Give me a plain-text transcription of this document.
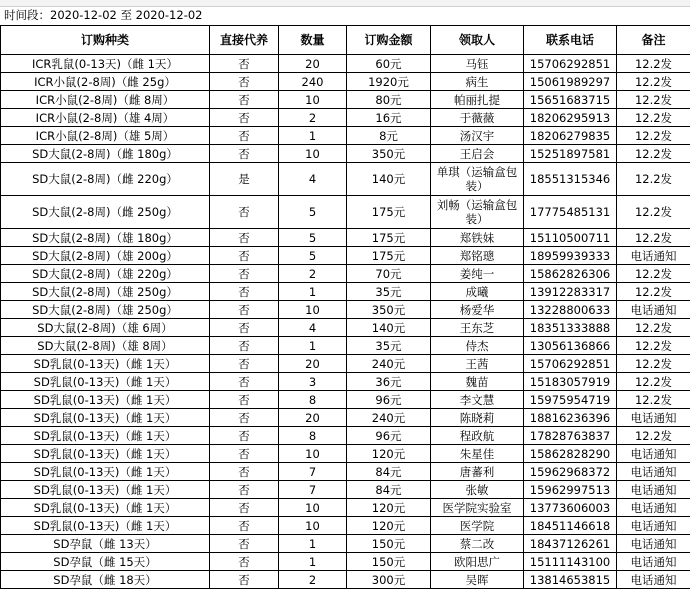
时间段：2020-12-02 至 2020-12-02
订购种类	直接代养	数量	订购金额	领取人	联系电话	备注
ICR乳鼠(0-13天)（雌 1天）	否	20	60元	马钰	15706292851	12.2发
ICR小鼠(2-8周)（雌 25g）	否	240	1920元	病生	15061989297	12.2发
ICR小鼠(2-8周)（雌 8周）	否	10	80元	帕丽扎提	15651683715	12.2发
ICR小鼠(2-8周)（雄 4周）	否	2	16元	于薇薇	18206295913	12.2发
ICR小鼠(2-8周)（雄 5周）	否	1	8元	汤汉宇	18206279835	12.2发
SD大鼠(2-8周)（雌 180g）	否	10	350元	王启会	15251897581	12.2发
SD大鼠(2-8周)（雌 220g）	是	4	140元	单琪（运输盒包装）	18551315346	12.2发
SD大鼠(2-8周)（雌 250g）	否	5	175元	刘畅（运输盒包装）	17775485131	12.2发
SD大鼠(2-8周)（雄 180g）	否	5	175元	郑铁妹	15110500711	12.2发
SD大鼠(2-8周)（雄 200g）	否	5	175元	郑铭璁	18959939333	电话通知
SD大鼠(2-8周)（雄 220g）	否	2	70元	姜纯一	15862826306	12.2发
SD大鼠(2-8周)（雄 250g）	否	1	35元	成曦	13912283317	12.2发
SD大鼠(2-8周)（雄 250g）	否	10	350元	杨爱华	13228800633	电话通知
SD大鼠(2-8周)（雄 6周）	否	4	140元	王东芝	18351333888	12.2发
SD大鼠(2-8周)（雄 8周）	否	1	35元	侍杰	13056136866	12.2发
SD乳鼠(0-13天)（雌 1天）	否	20	240元	王茜	15706292851	12.2发
SD乳鼠(0-13天)（雌 1天）	否	3	36元	魏苗	15183057919	12.2发
SD乳鼠(0-13天)（雌 1天）	否	8	96元	李文慧	15975954719	12.2发
SD乳鼠(0-13天)（雌 1天）	否	20	240元	陈晓莉	18816236396	电话通知
SD乳鼠(0-13天)（雌 1天）	否	8	96元	程政航	17828763837	12.2发
SD乳鼠(0-13天)（雌 1天）	否	10	120元	朱星佳	15862828290	电话通知
SD乳鼠(0-13天)（雌 1天）	否	7	84元	唐蕃利	15962968372	电话通知
SD乳鼠(0-13天)（雌 1天）	否	7	84元	张敏	15962997513	电话通知
SD乳鼠(0-13天)（雌 1天）	否	10	120元	医学院实验室	13773606003	电话通知
SD乳鼠(0-13天)（雌 1天）	否	10	120元	医学院	18451146618	电话通知
SD孕鼠（雌 13天）	否	1	150元	蔡二改	18437126261	电话通知
SD孕鼠（雌 15天）	否	1	150元	欧阳思广	15111143100	电话通知
SD孕鼠（雌 18天）	否	2	300元	吴晖	13814653815	电话通知
